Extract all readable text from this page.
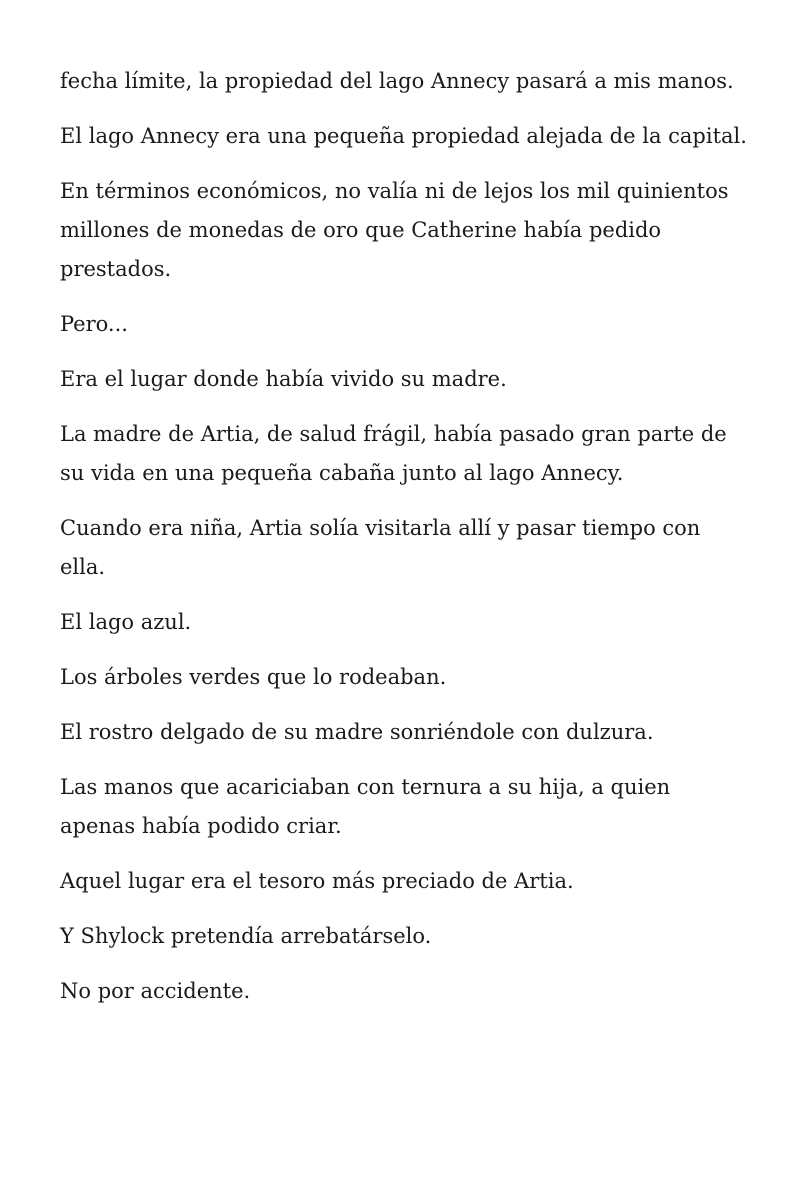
fecha límite, la propiedad del lago Annecy pasará a mis manos.

El lago Annecy era una pequeña propiedad alejada de la capital.

En términos económicos, no valía ni de lejos los mil quinientos millones de monedas de oro que Catherine había pedido prestados.

Pero...

Era el lugar donde había vivido su madre.

La madre de Artia, de salud frágil, había pasado gran parte de su vida en una pequeña cabaña junto al lago Annecy.

Cuando era niña, Artia solía visitarla allí y pasar tiempo con ella.

El lago azul.

Los árboles verdes que lo rodeaban.

El rostro delgado de su madre sonriéndole con dulzura.

Las manos que acariciaban con ternura a su hija, a quien apenas había podido criar.

Aquel lugar era el tesoro más preciado de Artia.

Y Shylock pretendía arrebatárselo.

No por accidente.
